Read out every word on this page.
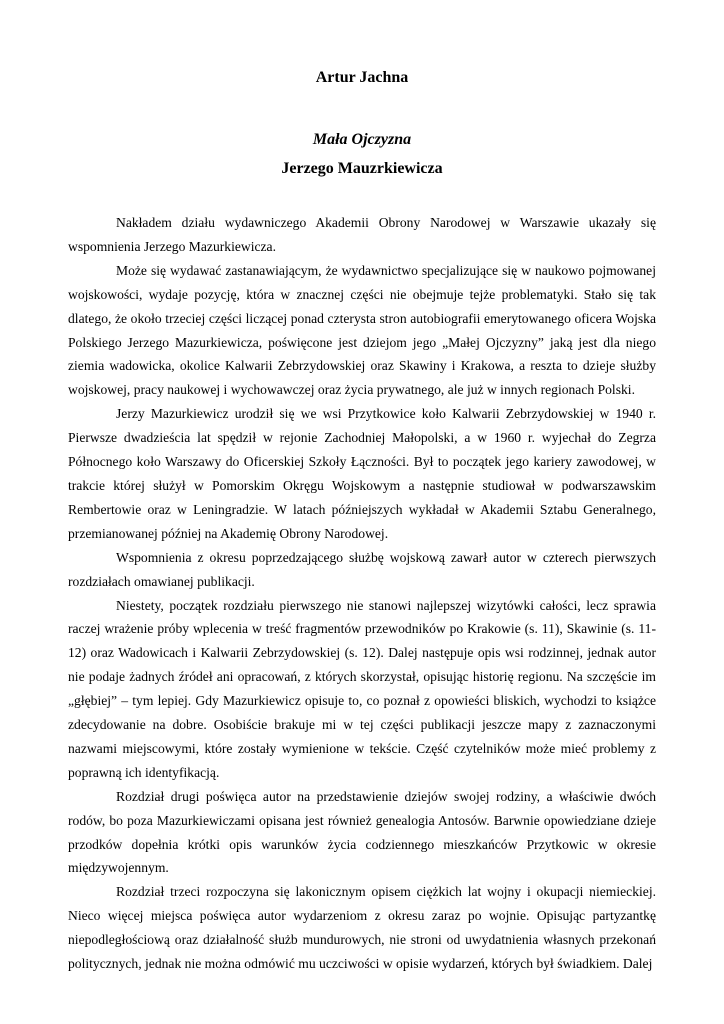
Artur Jachna
Mała Ojczyzna
Jerzego Mauzrkiewicza

Nakładem działu wydawniczego Akademii Obrony Narodowej w Warszawie ukazały się wspomnienia Jerzego Mazurkiewicza.

Może się wydawać zastanawiającym, że wydawnictwo specjalizujące się w naukowo pojmowanej wojskowości, wydaje pozycję, która w znacznej części nie obejmuje tejże problematyki. Stało się tak dlatego, że około trzeciej części liczącej ponad czterysta stron autobiografii emerytowanego oficera Wojska Polskiego Jerzego Mazurkiewicza, poświęcone jest dziejom jego „Małej Ojczyzny” jaką jest dla niego ziemia wadowicka, okolice Kalwarii Zebrzydowskiej oraz Skawiny i Krakowa, a reszta to dzieje służby wojskowej, pracy naukowej i wychowawczej oraz życia prywatnego, ale już w innych regionach Polski.

Jerzy Mazurkiewicz urodził się we wsi Przytkowice koło Kalwarii Zebrzydowskiej w 1940 r. Pierwsze dwadzieścia lat spędził w rejonie Zachodniej Małopolski, a w 1960 r. wyjechał do Zegrza Północnego koło Warszawy do Oficerskiej Szkoły Łączności. Był to początek jego kariery zawodowej, w trakcie której służył w Pomorskim Okręgu Wojskowym a następnie studiował w podwarszawskim Rembertowie oraz w Leningradzie. W latach późniejszych wykładał w Akademii Sztabu Generalnego, przemianowanej później na Akademię Obrony Narodowej.

Wspomnienia z okresu poprzedzającego służbę wojskową zawarł autor w czterech pierwszych rozdziałach omawianej publikacji.

Niestety, początek rozdziału pierwszego nie stanowi najlepszej wizytówki całości, lecz sprawia raczej wrażenie próby wplecenia w treść fragmentów przewodników po Krakowie (s. 11), Skawinie (s. 11-12) oraz Wadowicach i Kalwarii Zebrzydowskiej (s. 12). Dalej następuje opis wsi rodzinnej, jednak autor nie podaje żadnych źródeł ani opracowań, z których skorzystał, opisując historię regionu. Na szczęście im „głębiej” – tym lepiej. Gdy Mazurkiewicz opisuje to, co poznał z opowieści bliskich, wychodzi to książce zdecydowanie na dobre. Osobiście brakuje mi w tej części publikacji jeszcze mapy z zaznaczonymi nazwami miejscowymi, które zostały wymienione w tekście. Część czytelników może mieć problemy z poprawną ich identyfikacją.

Rozdział drugi poświęca autor na przedstawienie dziejów swojej rodziny, a właściwie dwóch rodów, bo poza Mazurkiewiczami opisana jest również genealogia Antosów. Barwnie opowiedziane dzieje przodków dopełnia krótki opis warunków życia codziennego mieszkańców Przytkowic w okresie międzywojennym.

Rozdział trzeci rozpoczyna się lakonicznym opisem ciężkich lat wojny i okupacji niemieckiej. Nieco więcej miejsca poświęca autor wydarzeniom z okresu zaraz po wojnie. Opisując partyzantkę niepodległościową oraz działalność służb mundurowych, nie stroni od uwydatnienia własnych przekonań politycznych, jednak nie można odmówić mu uczciwości w opisie wydarzeń, których był świadkiem. Dalej
